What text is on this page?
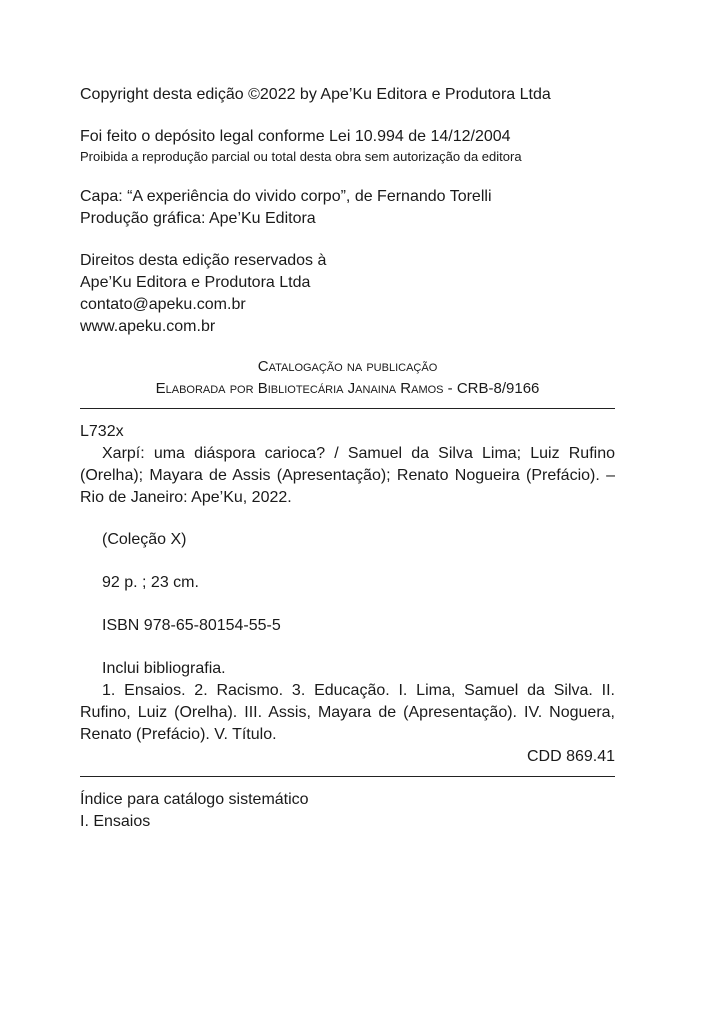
Copyright desta edição ©2022 by Ape’Ku Editora e Produtora Ltda
Foi feito o depósito legal conforme Lei 10.994 de 14/12/2004
Proibida a reprodução parcial ou total desta obra sem autorização da editora
Capa: “A experiência do vivido corpo”, de Fernando Torelli
Produção gráfica: Ape’Ku Editora
Direitos desta edição reservados à
Ape’Ku Editora e Produtora Ltda
contato@apeku.com.br
www.apeku.com.br
Catalogação na publicação
Elaborada por Bibliotecária Janaina Ramos - CRB-8/9166
L732x
Xarpí: uma diáspora carioca? / Samuel da Silva Lima; Luiz Rufino (Orelha); Mayara de Assis (Apresentação); Renato Nogueira (Prefácio). – Rio de Janeiro: Ape’Ku, 2022.
(Coleção X)
92 p. ; 23 cm.
ISBN 978-65-80154-55-5
Inclui bibliografia.
1. Ensaios. 2. Racismo. 3. Educação. I. Lima, Samuel da Silva. II. Rufino, Luiz (Orelha). III. Assis, Mayara de (Apresentação). IV. Noguera, Renato (Prefácio). V. Título.
CDD 869.41
Índice para catálogo sistemático
I. Ensaios
